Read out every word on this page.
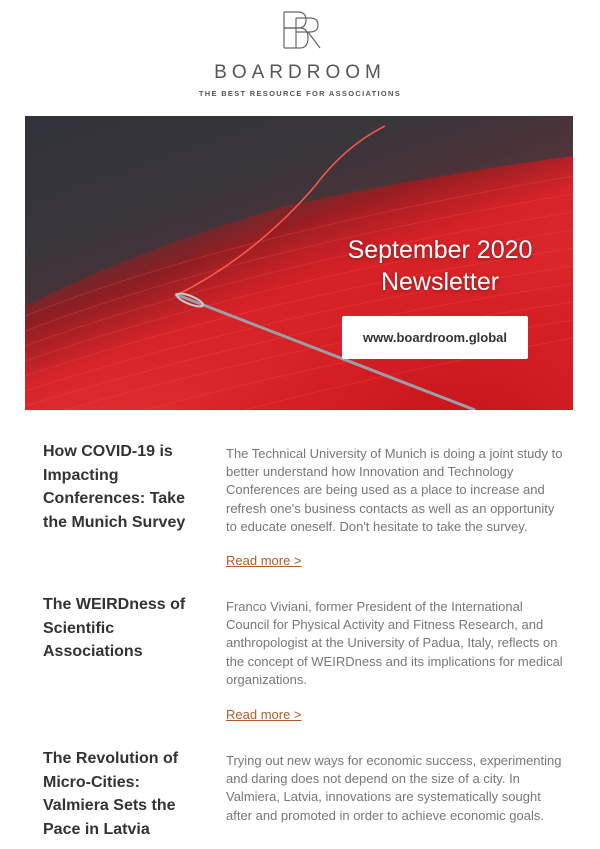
BOARDROOM
THE BEST RESOURCE FOR ASSOCIATIONS
September 2020
Newsletter
www.boardroom.global
How COVID-19 is Impacting Conferences: Take the Munich Survey
The Technical University of Munich is doing a joint study to better understand how Innovation and Technology Conferences are being used as a place to increase and refresh one's business contacts as well as an opportunity to educate oneself. Don't hesitate to take the survey.
Read more >
The WEIRDness of Scientific Associations
Franco Viviani, former President of the International Council for Physical Activity and Fitness Research, and anthropologist at the University of Padua, Italy, reflects on the concept of WEIRDness and its implications for medical organizations.
Read more >
The Revolution of Micro-Cities: Valmiera Sets the Pace in Latvia
Trying out new ways for economic success, experimenting and daring does not depend on the size of a city. In Valmiera, Latvia, innovations are systematically sought after and promoted in order to achieve economic goals.
